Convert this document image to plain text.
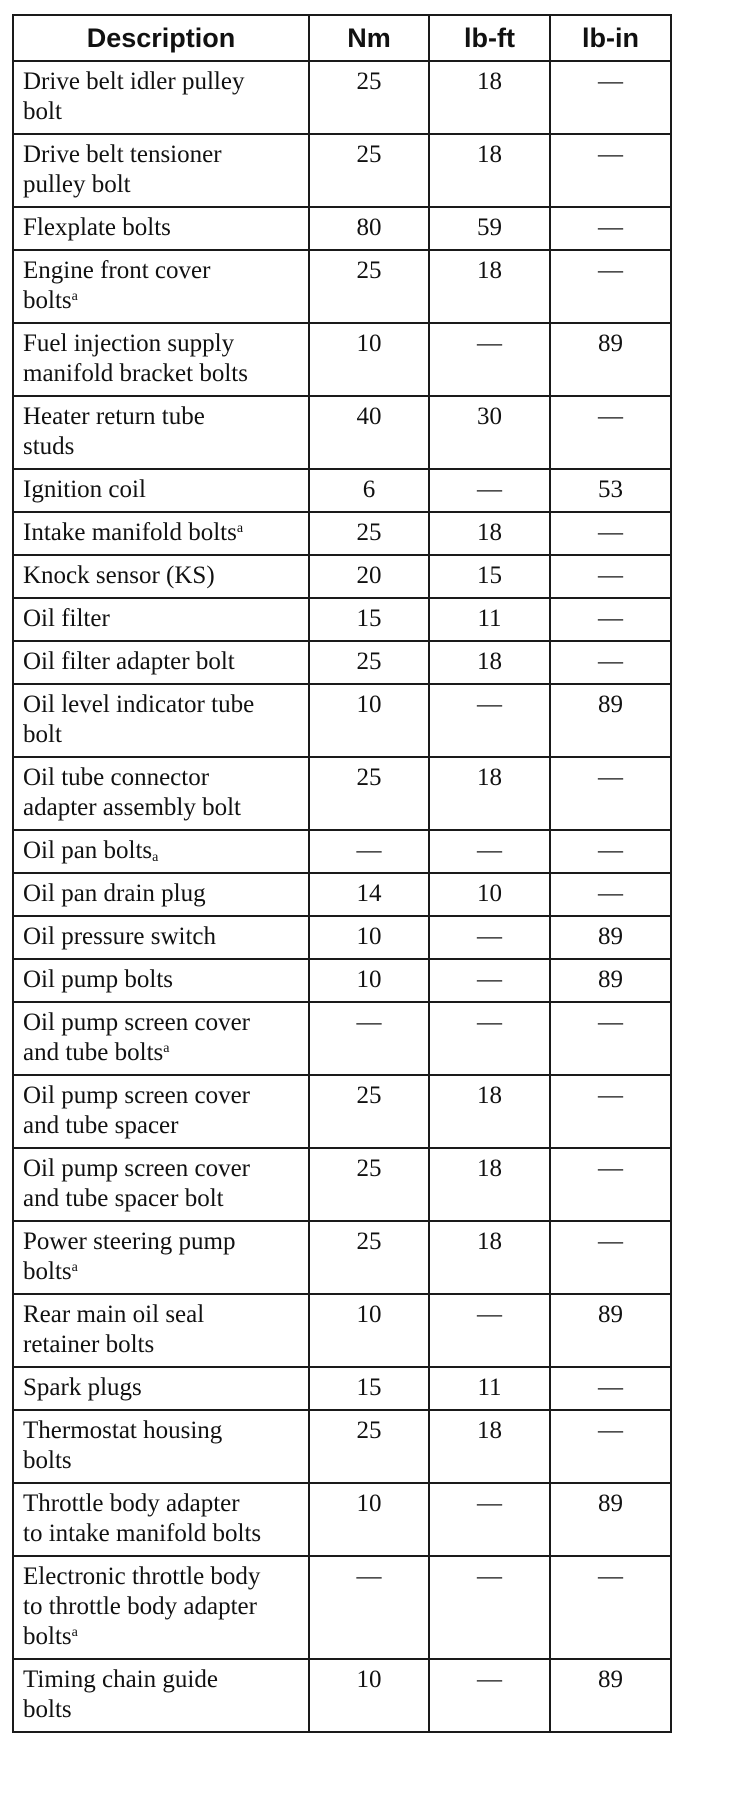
Description	Nm	lb-ft	lb-in
Drive belt idler pulley
bolt	25	18	—
Drive belt tensioner
pulley bolt	25	18	—
Flexplate bolts	80	59	—
Engine front cover
bolts$^a$	25	18	—
Fuel injection supply
manifold bracket bolts	10	—	89
Heater return tube
studs	40	30	—
Ignition coil	6	—	53
Intake manifold bolts$^a$	25	18	—
Knock sensor (KS)	20	15	—
Oil filter	15	11	—
Oil filter adapter bolt	25	18	—
Oil level indicator tube
bolt	10	—	89
Oil tube connector
adapter assembly bolt	25	18	—
Oil pan bolts$_a$	—	—	—
Oil pan drain plug	14	10	—
Oil pressure switch	10	—	89
Oil pump bolts	10	—	89
Oil pump screen cover
and tube bolts$^a$	—	—	—
Oil pump screen cover
and tube spacer	25	18	—
Oil pump screen cover
and tube spacer bolt	25	18	—
Power steering pump
bolts$^a$	25	18	—
Rear main oil seal
retainer bolts	10	—	89
Spark plugs	15	11	—
Thermostat housing
bolts	25	18	—
Throttle body adapter
to intake manifold bolts	10	—	89
Electronic throttle body
to throttle body adapter
bolts$^a$	—	—	—
Timing chain guide
bolts	10	—	89
